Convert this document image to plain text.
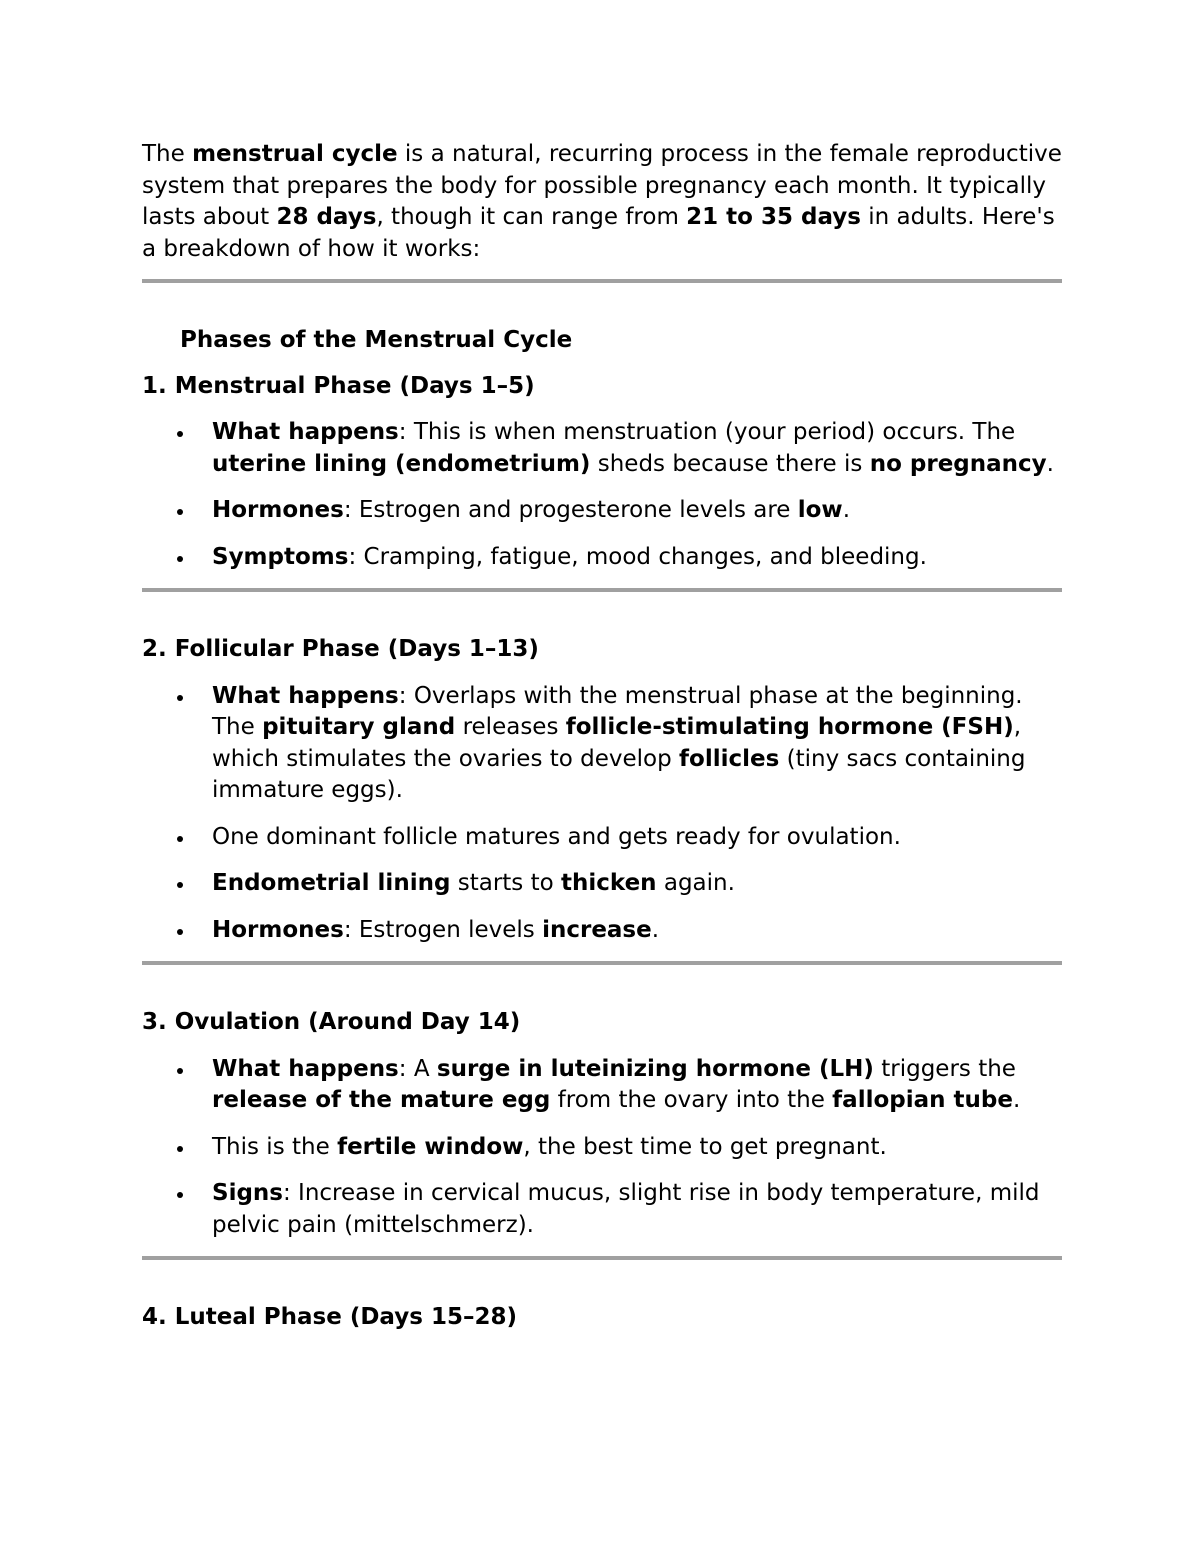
The menstrual cycle is a natural, recurring process in the female reproductive system that prepares the body for possible pregnancy each month. It typically lasts about 28 days, though it can range from 21 to 35 days in adults. Here's a breakdown of how it works:

Phases of the Menstrual Cycle

1. Menstrual Phase (Days 1–5)

What happens: This is when menstruation (your period) occurs. The uterine lining (endometrium) sheds because there is no pregnancy.
Hormones: Estrogen and progesterone levels are low.
Symptoms: Cramping, fatigue, mood changes, and bleeding.

2. Follicular Phase (Days 1–13)

What happens: Overlaps with the menstrual phase at the beginning. The pituitary gland releases follicle-stimulating hormone (FSH), which stimulates the ovaries to develop follicles (tiny sacs containing immature eggs).
One dominant follicle matures and gets ready for ovulation.
Endometrial lining starts to thicken again.
Hormones: Estrogen levels increase.

3. Ovulation (Around Day 14)

What happens: A surge in luteinizing hormone (LH) triggers the release of the mature egg from the ovary into the fallopian tube.
This is the fertile window, the best time to get pregnant.
Signs: Increase in cervical mucus, slight rise in body temperature, mild pelvic pain (mittelschmerz).

4. Luteal Phase (Days 15–28)
